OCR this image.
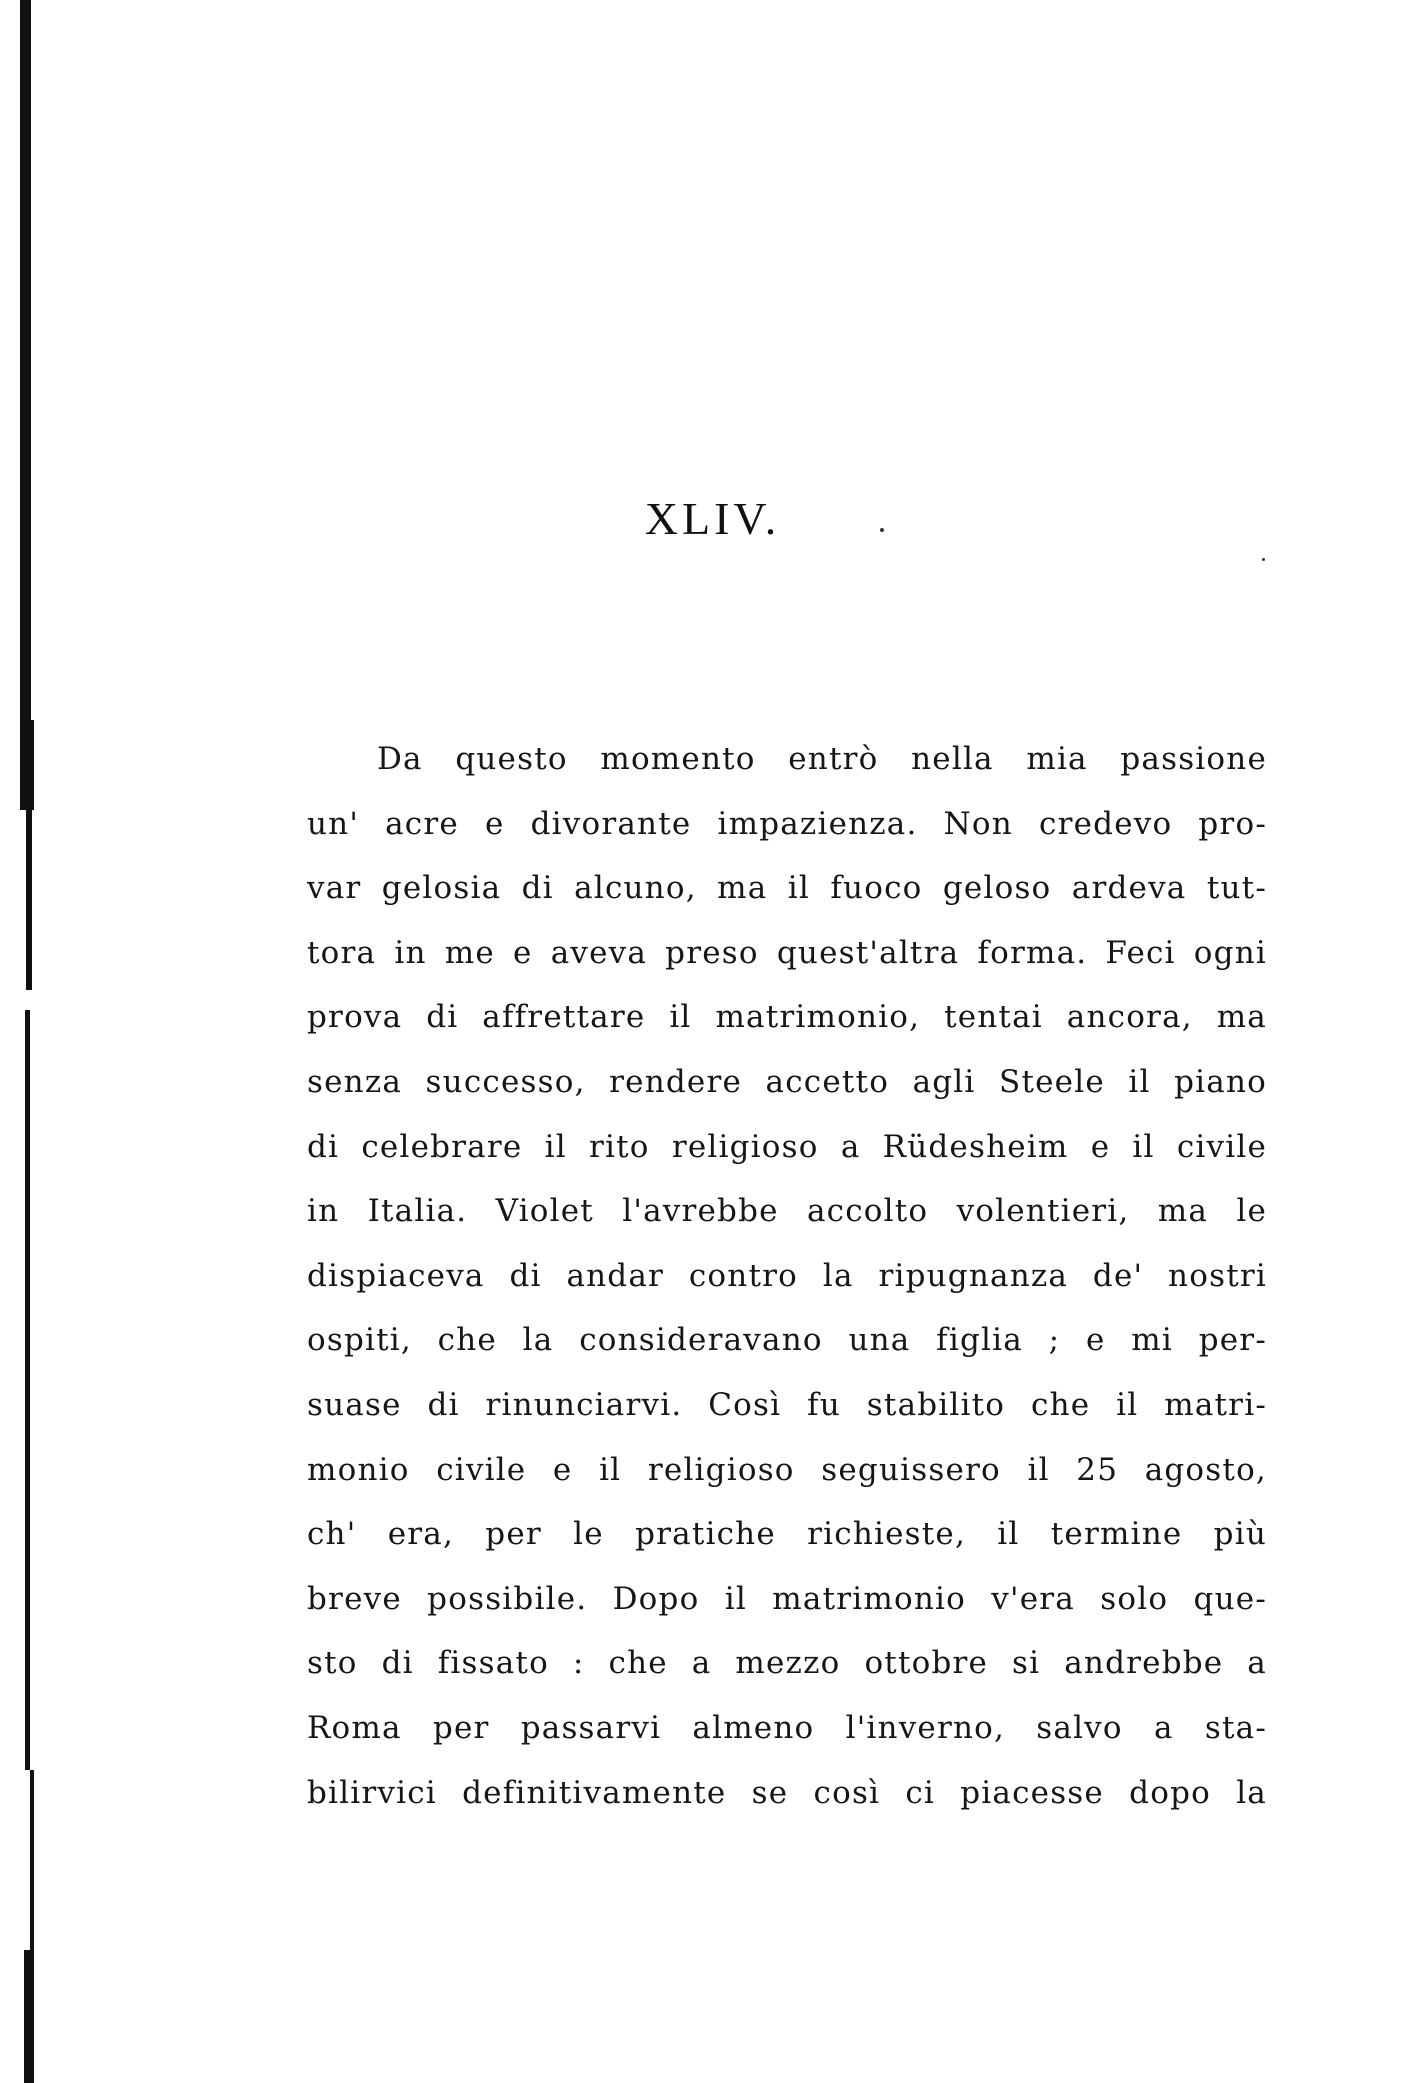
XLIV.
Da questo momento entrò nella mia passione
un' acre e divorante impazienza. Non credevo pro-
var gelosia di alcuno, ma il fuoco geloso ardeva tut-
tora in me e aveva preso quest'altra forma. Feci ogni
prova di affrettare il matrimonio, tentai ancora, ma
senza successo, rendere accetto agli Steele il piano
di celebrare il rito religioso a Rüdesheim e il civile
in Italia. Violet l'avrebbe accolto volentieri, ma le
dispiaceva di andar contro la ripugnanza de' nostri
ospiti, che la consideravano una figlia ; e mi per-
suase di rinunciarvi. Così fu stabilito che il matri-
monio civile e il religioso seguissero il 25 agosto,
ch' era, per le pratiche richieste, il termine più
breve possibile. Dopo il matrimonio v'era solo que-
sto di fissato : che a mezzo ottobre si andrebbe a
Roma per passarvi almeno l'inverno, salvo a sta-
bilirvici definitivamente se così ci piacesse dopo la
